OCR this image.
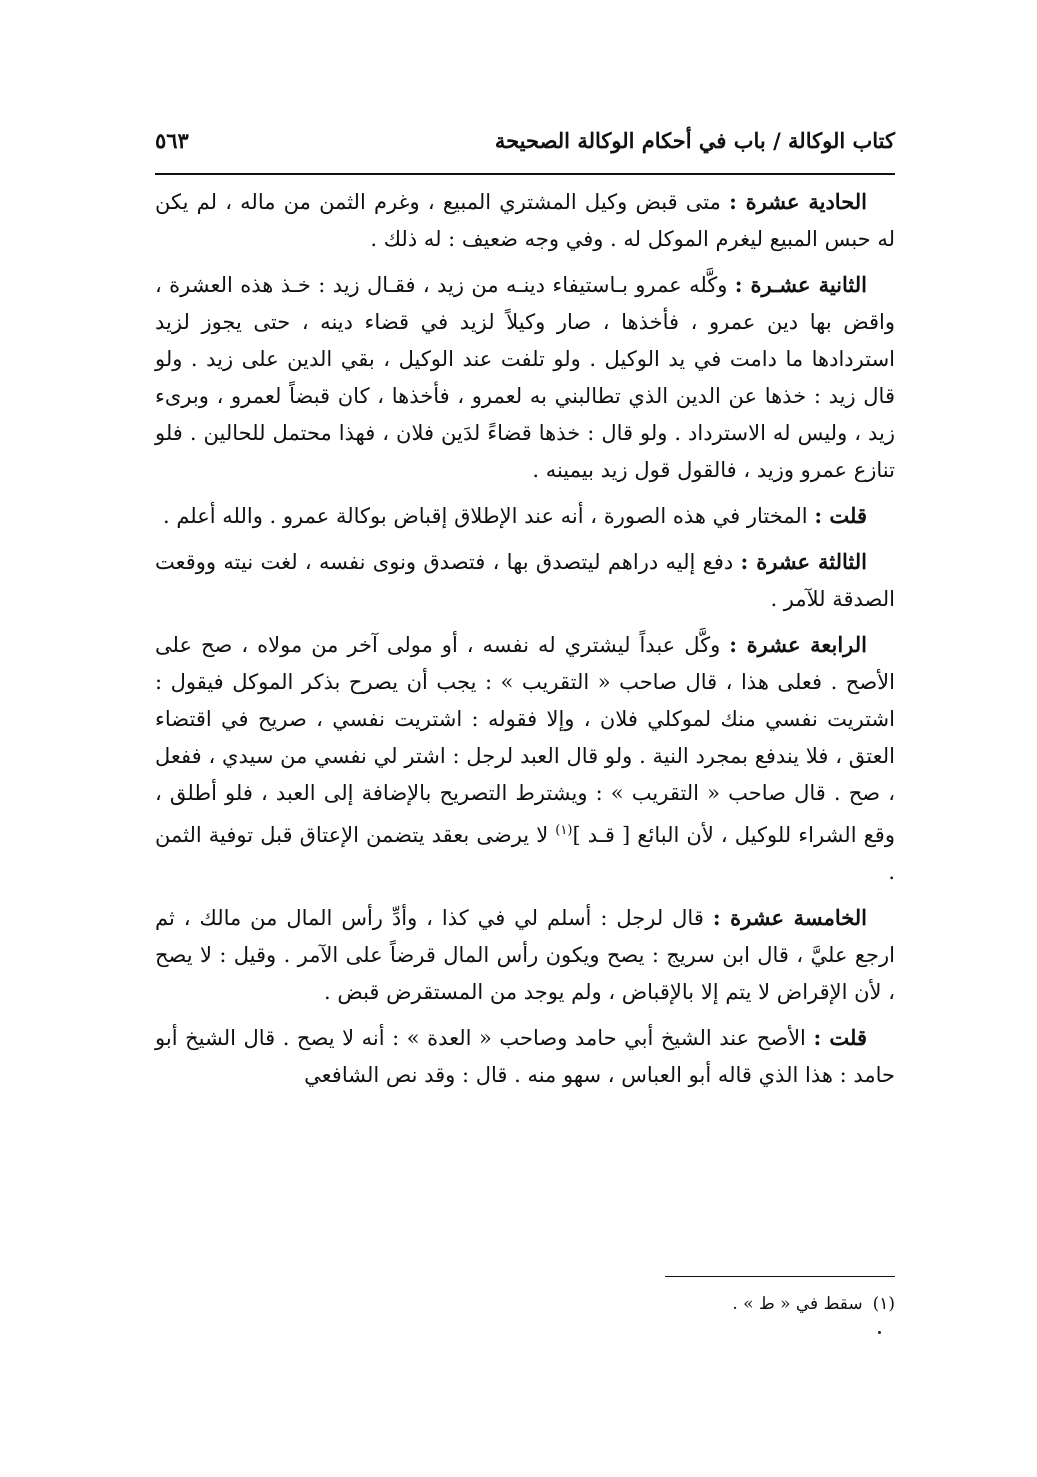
كتاب الوكالة / باب في أحكام الوكالة الصحيحة
٥٦٣

الحادية عشرة : متى قبض وكيل المشتري المبيع ، وغرم الثمن من ماله ، لم يكن له حبس المبيع ليغرم الموكل له . وفي وجه ضعيف : له ذلك .

الثانية عشـرة : وكَّله عمرو بـاستيفاء دينـه من زيد ، فقـال زيد : خـذ هذه العشرة ، واقض بها دين عمرو ، فأخذها ، صار وكيلاً لزيد في قضاء دينه ، حتى يجوز لزيد استردادها ما دامت في يد الوكيل . ولو تلفت عند الوكيل ، بقي الدين على زيد . ولو قال زيد : خذها عن الدين الذي تطالبني به لعمرو ، فأخذها ، كان قبضاً لعمرو ، وبرىء زيد ، وليس له الاسترداد . ولو قال : خذها قضاءً لدَين فلان ، فهذا محتمل للحالين . فلو تنازع عمرو وزيد ، فالقول قول زيد بيمينه .

قلت : المختار في هذه الصورة ، أنه عند الإطلاق إقباض بوكالة عمرو . والله أعلم .

الثالثة عشرة : دفع إليه دراهم ليتصدق بها ، فتصدق ونوى نفسه ، لغت نيته ووقعت الصدقة للآمر .

الرابعة عشرة : وكَّل عبداً ليشتري له نفسه ، أو مولى آخر من مولاه ، صح على الأصح . فعلى هذا ، قال صاحب « التقريب » : يجب أن يصرح بذكر الموكل فيقول : اشتريت نفسي منك لموكلي فلان ، وإلا فقوله : اشتريت نفسي ، صريح في اقتضاء العتق ، فلا يندفع بمجرد النية . ولو قال العبد لرجل : اشتر لي نفسي من سيدي ، ففعل ، صح . قال صاحب « التقريب » : ويشترط التصريح بالإضافة إلى العبد ، فلو أطلق ، وقع الشراء للوكيل ، لأن البائع [ قـد ]$^{(١)}$ لا يرضى بعقد يتضمن الإعتاق قبل توفية الثمن .

الخامسة عشرة : قال لرجل : أسلم لي في كذا ، وأدِّ رأس المال من مالك ، ثم ارجع عليَّ ، قال ابن سريج : يصح ويكون رأس المال قرضاً على الآمر . وقيل : لا يصح ، لأن الإقراض لا يتم إلا بالإقباض ، ولم يوجد من المستقرض قبض .

قلت : الأصح عند الشيخ أبي حامد وصاحب « العدة » : أنه لا يصح . قال الشيخ أبو حامد : هذا الذي قاله أبو العباس ، سهو منه . قال : وقد نص الشافعي

(١)سقط في « ط » .
